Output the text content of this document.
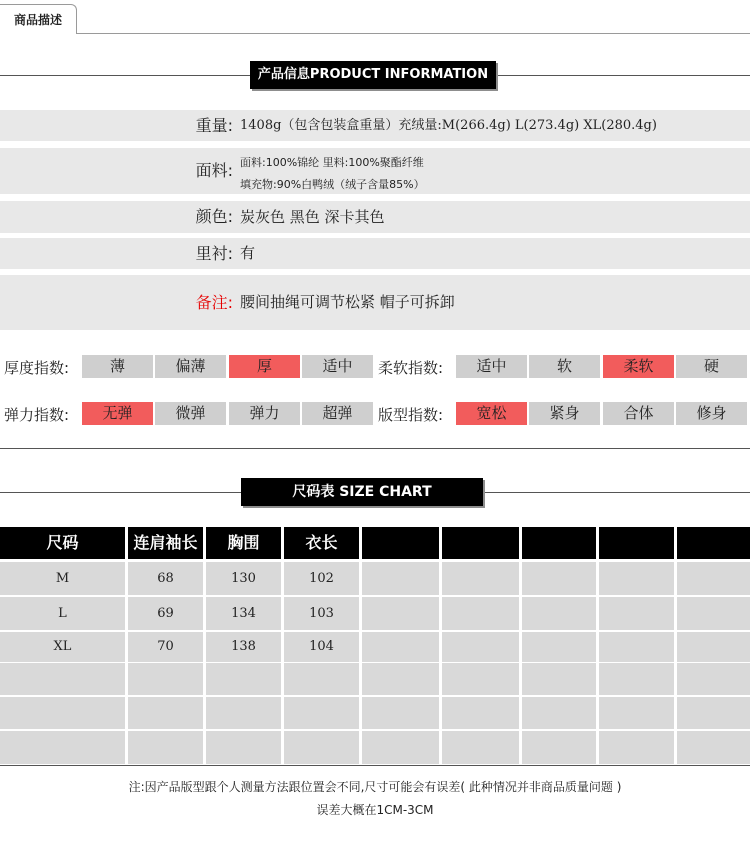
商品描述
产品信息PRODUCT INFORMATION
重量: 1408g（包含包装盒重量）充绒量:M(266.4g) L(273.4g) XL(280.4g)
面料: 面料:100%锦纶 里料:100%聚酯纤维
填充物:90%白鸭绒（绒子含量85%）
颜色: 炭灰色 黑色 深卡其色
里衬: 有
备注: 腰间抽绳可调节松紧 帽子可拆卸
厚度指数:	薄	偏薄	厚	适中	柔软指数:	适中	软	柔软	硬
弹力指数:	无弹	微弹	弹力	超弹	版型指数:	宽松	紧身	合体	修身
尺码表 SIZE CHART
尺码	连肩袖长	胸围	衣长
M	68	130	102
L	69	134	103
XL	70	138	104
注:因产品版型跟个人测量方法跟位置会不同,尺寸可能会有误差( 此种情况并非商品质量问题 )
误差大概在1CM-3CM
